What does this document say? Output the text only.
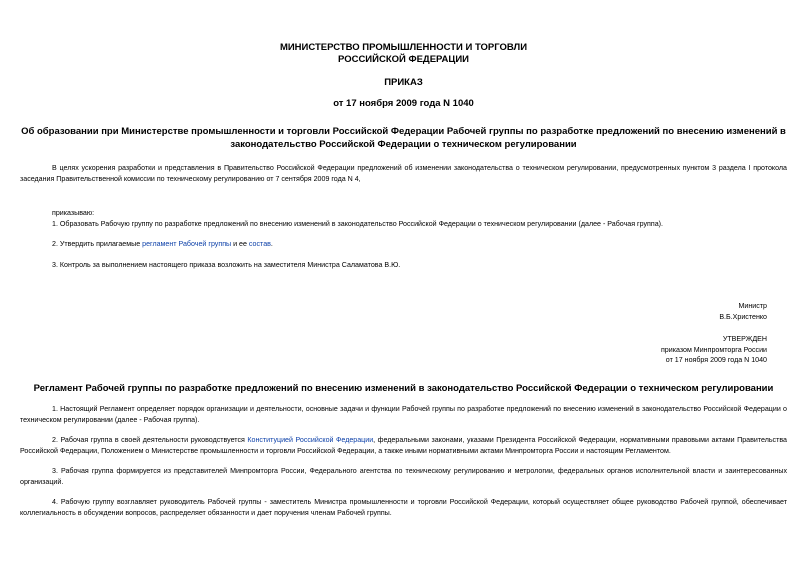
МИНИСТЕРСТВО ПРОМЫШЛЕННОСТИ И ТОРГОВЛИ
РОССИЙСКОЙ ФЕДЕРАЦИИ
ПРИКАЗ
от 17 ноября 2009 года N 1040
Об образовании при Министерстве промышленности и торговли Российской Федерации Рабочей группы по разработке предложений по внесению изменений в
законодательство Российской Федерации о техническом регулировании
В целях ускорения разработки и представления в Правительство Российской Федерации предложений об изменении законодательства о техническом регулировании, предусмотренных пунктом 3 раздела I протокола заседания Правительственной комиссии по техническому регулированию от 7 сентября 2009 года N 4,
приказываю:
1. Образовать Рабочую группу по разработке предложений по внесению изменений в законодательство Российской Федерации о техническом регулировании (далее - Рабочая группа).
2. Утвердить прилагаемые регламент Рабочей группы и ее состав.
3. Контроль за выполнением настоящего приказа возложить на заместителя Министра Саламатова В.Ю.
Министр
В.Б.Христенко
УТВЕРЖДЕН
приказом Минпромторга России
от 17 ноября 2009 года N 1040
Регламент Рабочей группы по разработке предложений по внесению изменений в законодательство Российской Федерации о техническом регулировании
1. Настоящий Регламент определяет порядок организации и деятельности, основные задачи и функции Рабочей группы по разработке предложений по внесению изменений в законодательство Российской Федерации о техническом регулировании (далее - Рабочая группа).
2. Рабочая группа в своей деятельности руководствуется Конституцией Российской Федерации, федеральными законами, указами Президента Российской Федерации, нормативными правовыми актами Правительства Российской Федерации, Положением о Министерстве промышленности и торговли Российской Федерации, а также иными нормативными актами Минпромторга России и настоящим Регламентом.
3. Рабочая группа формируется из представителей Минпромторга России, Федерального агентства по техническому регулированию и метрологии, федеральных органов исполнительной власти и заинтересованных организаций.
4. Рабочую группу возглавляет руководитель Рабочей группы - заместитель Министра промышленности и торговли Российской Федерации, который осуществляет общее руководство Рабочей группой, обеспечивает коллегиальность в обсуждении вопросов, распределяет обязанности и дает поручения членам Рабочей группы.
